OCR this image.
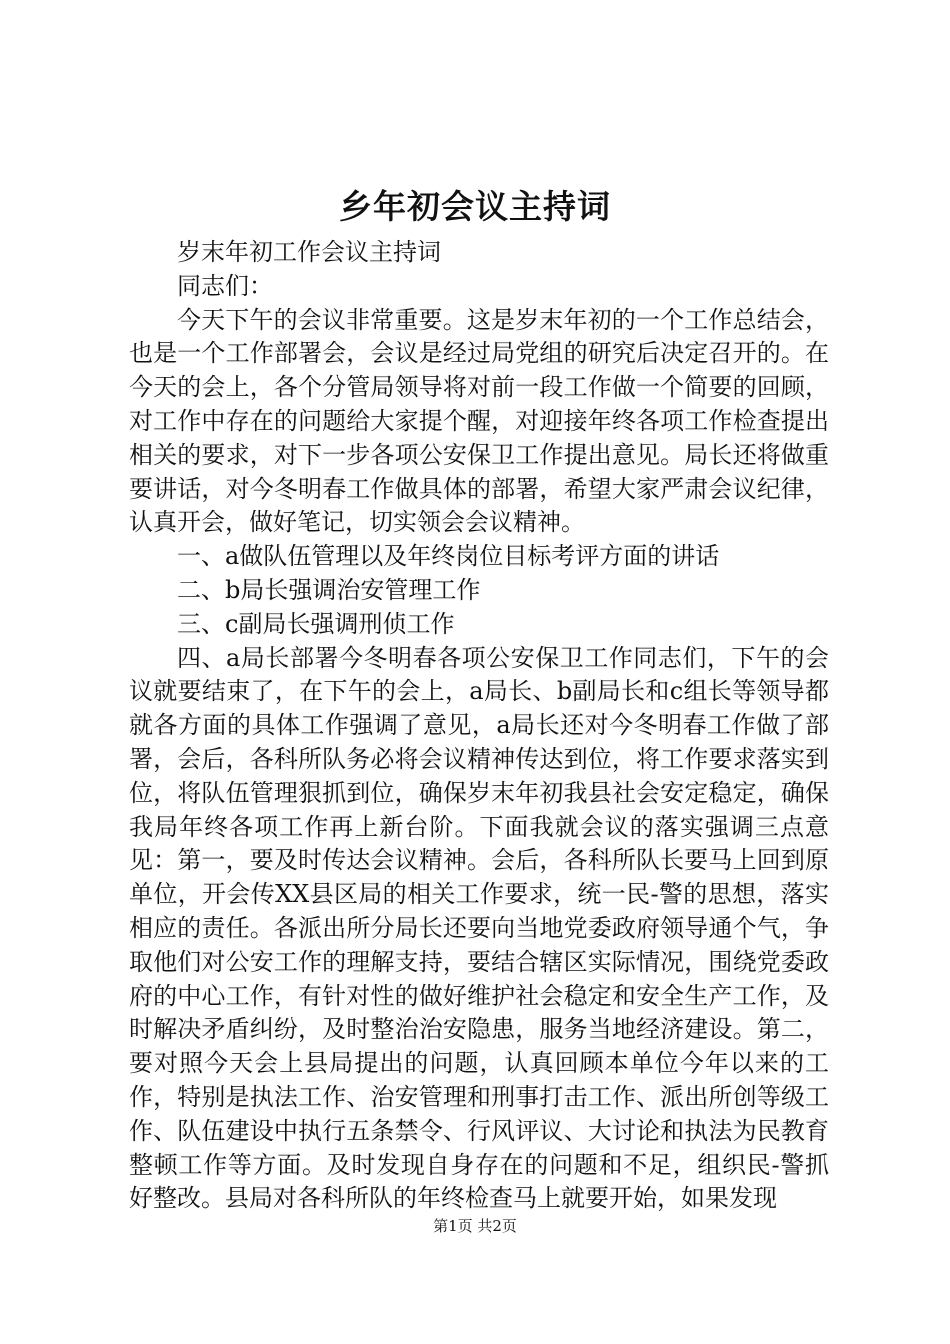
乡年初会议主持词

岁末年初工作会议主持词

同志们：

今天下午的会议非常重要。这是岁末年初的一个工作总结会，也是一个工作部署会，会议是经过局党组的研究后决定召开的。在今天的会上，各个分管局领导将对前一段工作做一个简要的回顾，对工作中存在的问题给大家提个醒，对迎接年终各项工作检查提出相关的要求，对下一步各项公安保卫工作提出意见。局长还将做重要讲话，对今冬明春工作做具体的部署，希望大家严肃会议纪律，认真开会，做好笔记，切实领会会议精神。

一、a做队伍管理以及年终岗位目标考评方面的讲话

二、b局长强调治安管理工作

三、c副局长强调刑侦工作

四、a局长部署今冬明春各项公安保卫工作同志们，下午的会议就要结束了，在下午的会上，a局长、b副局长和c组长等领导都就各方面的具体工作强调了意见，a局长还对今冬明春工作做了部署，会后，各科所队务必将会议精神传达到位，将工作要求落实到位，将队伍管理狠抓到位，确保岁末年初我县社会安定稳定，确保我局年终各项工作再上新台阶。下面我就会议的落实强调三点意见：第一，要及时传达会议精神。会后，各科所队长要马上回到原单位，开会传XX县区局的相关工作要求，统一民-警的思想，落实相应的责任。各派出所分局长还要向当地党委政府领导通个气，争取他们对公安工作的理解支持，要结合辖区实际情况，围绕党委政府的中心工作，有针对性的做好维护社会稳定和安全生产工作，及时解决矛盾纠纷，及时整治治安隐患，服务当地经济建设。第二，要对照今天会上县局提出的问题，认真回顾本单位今年以来的工作，特别是执法工作、治安管理和刑事打击工作、派出所创等级工作、队伍建设中执行五条禁令、行风评议、大讨论和执法为民教育整顿工作等方面。及时发现自身存在的问题和不足，组织民-警抓好整改。县局对各科所队的年终检查马上就要开始，如果发现

第1页 共2页
